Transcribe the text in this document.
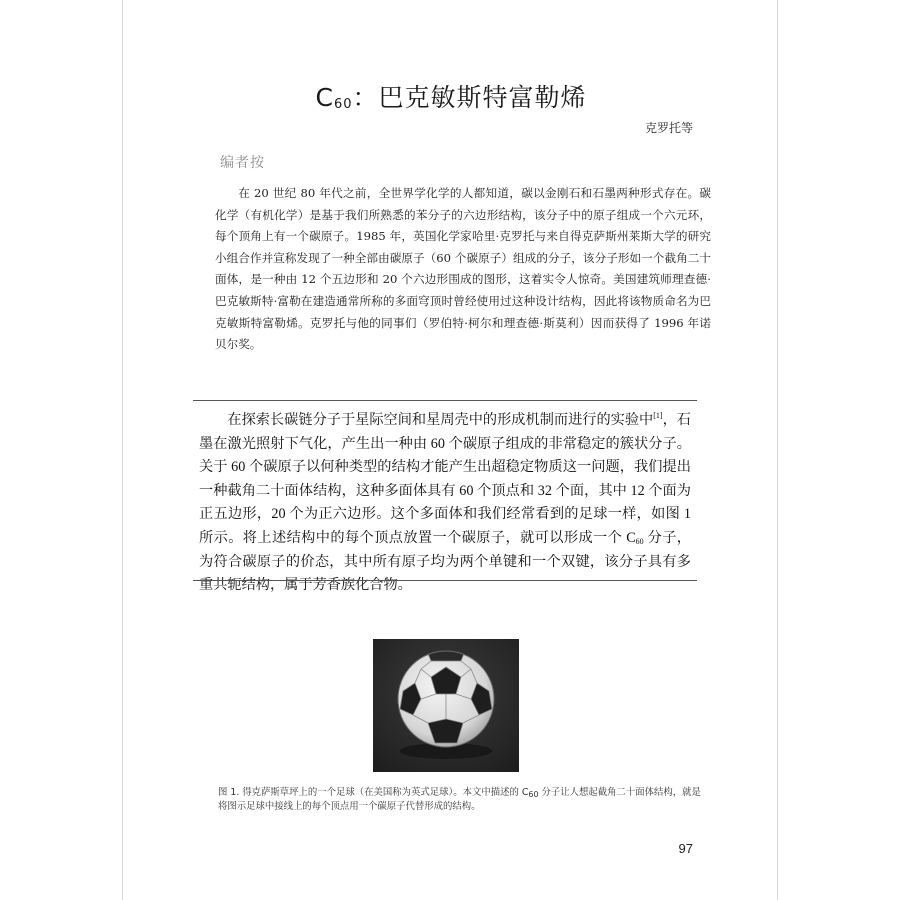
$C_{60}$：巴克敏斯特富勒烯
克罗托等
编者按

在 20 世纪 80 年代之前，全世界学化学的人都知道，碳以金刚石和石墨两种形式存在。碳化学（有机化学）是基于我们所熟悉的苯分子的六边形结构，该分子中的原子组成一个六元环，每个顶角上有一个碳原子。1985 年，英国化学家哈里·克罗托与来自得克萨斯州莱斯大学的研究小组合作并宣称发现了一种全部由碳原子（60 个碳原子）组成的分子，该分子形如一个截角二十面体，是一种由 12 个五边形和 20 个六边形围成的图形，这着实令人惊奇。美国建筑师理查德·巴克敏斯特·富勒在建造通常所称的多面穹顶时曾经使用过这种设计结构，因此将该物质命名为巴克敏斯特富勒烯。克罗托与他的同事们（罗伯特·柯尔和理查德·斯莫利）因而获得了 1996 年诺贝尔奖。

在探索长碳链分子于星际空间和星周壳中的形成机制而进行的实验中[1]，石墨在激光照射下气化，产生出一种由 60 个碳原子组成的非常稳定的簇状分子。关于 60 个碳原子以何种类型的结构才能产生出超稳定物质这一问题，我们提出一种截角二十面体结构，这种多面体具有 60 个顶点和 32 个面，其中 12 个面为正五边形，20 个为正六边形。这个多面体和我们经常看到的足球一样，如图 1 所示。将上述结构中的每个顶点放置一个碳原子，就可以形成一个 $C_{60}$ 分子，为符合碳原子的价态，其中所有原子均为两个单键和一个双键，该分子具有多重共轭结构，属于芳香族化合物。

图 1. 得克萨斯草坪上的一个足球（在美国称为英式足球）。本文中描述的 $C_{60}$ 分子让人想起截角二十面体结构，就是将图示足球中接线上的每个顶点用一个碳原子代替形成的结构。

97
